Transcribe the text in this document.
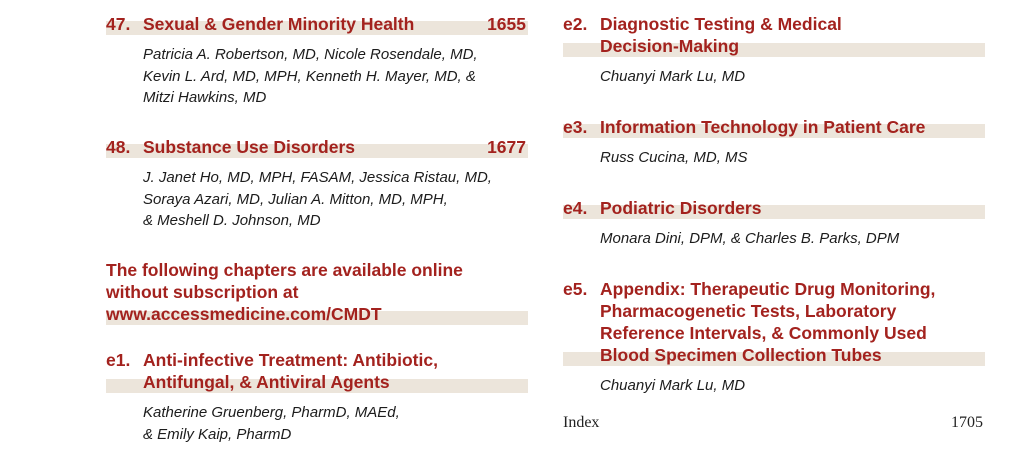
47. Sexual & Gender Minority Health	1655
Patricia A. Robertson, MD, Nicole Rosendale, MD,
Kevin L. Ard, MD, MPH, Kenneth H. Mayer, MD, &
Mitzi Hawkins, MD
48. Substance Use Disorders	1677
J. Janet Ho, MD, MPH, FASAM, Jessica Ristau, MD,
Soraya Azari, MD, Julian A. Mitton, MD, MPH,
& Meshell D. Johnson, MD
The following chapters are available online
without subscription at
www.accessmedicine.com/CMDT
e1. Anti-infective Treatment: Antibiotic,
Antifungal, & Antiviral Agents
Katherine Gruenberg, PharmD, MAEd,
& Emily Kaip, PharmD
e2. Diagnostic Testing & Medical
Decision-Making
Chuanyi Mark Lu, MD
e3. Information Technology in Patient Care
Russ Cucina, MD, MS
e4. Podiatric Disorders
Monara Dini, DPM, & Charles B. Parks, DPM
e5. Appendix: Therapeutic Drug Monitoring,
Pharmacogenetic Tests, Laboratory
Reference Intervals, & Commonly Used
Blood Specimen Collection Tubes
Chuanyi Mark Lu, MD
Index	1705
